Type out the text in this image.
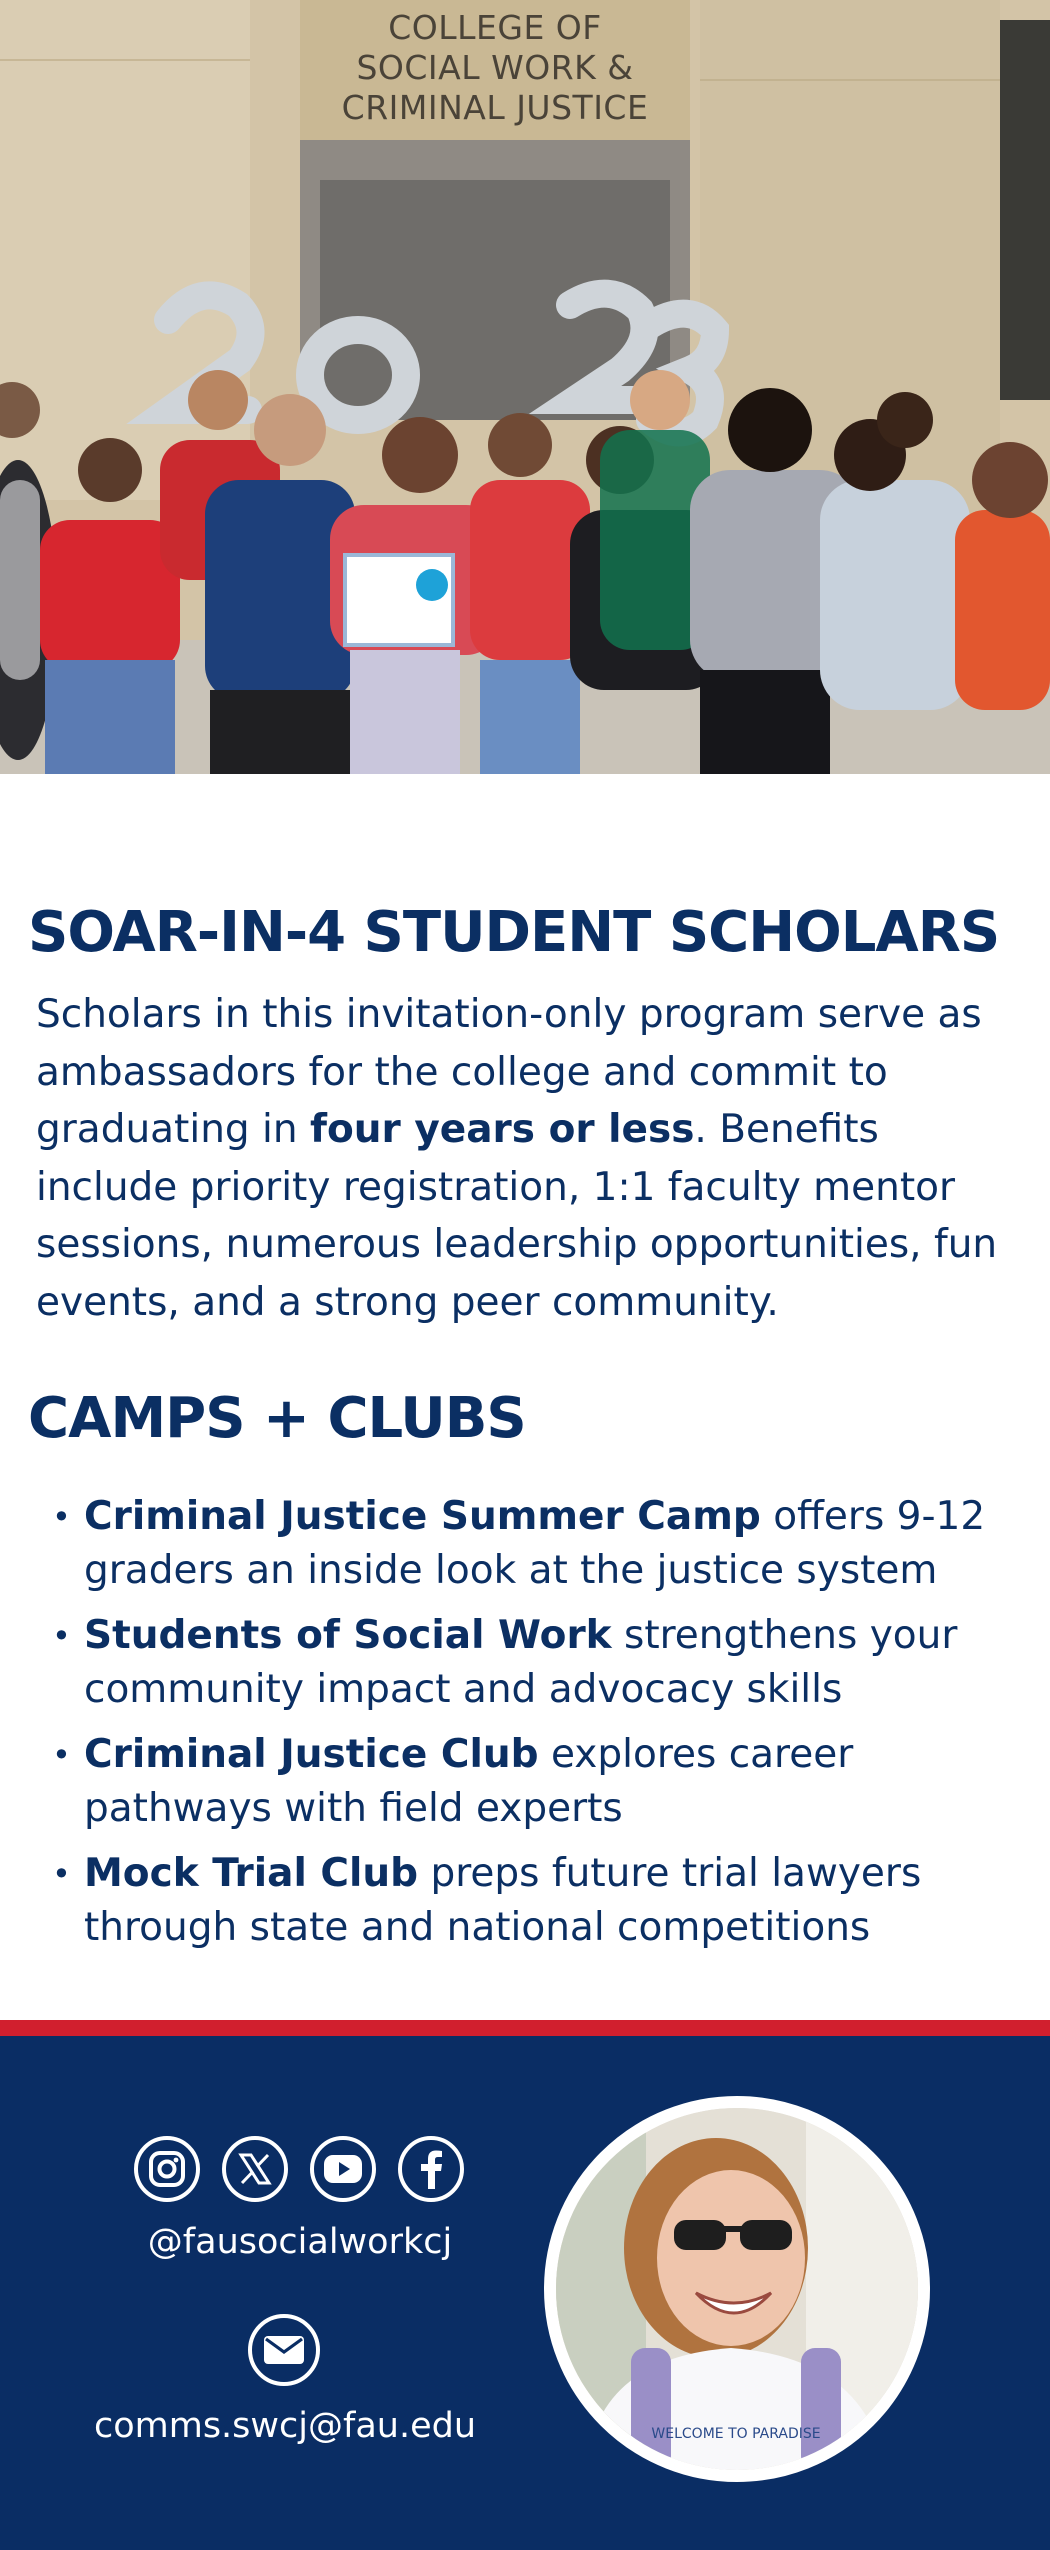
COLLEGE OF
SOCIAL WORK &
CRIMINAL JUSTICE
SOAR-IN-4 STUDENT SCHOLARS

Scholars in this invitation-only program serve as ambassadors for the college and commit to graduating in four years or less. Benefits include priority registration, 1:1 faculty mentor sessions, numerous leadership opportunities, fun events, and a strong peer community.

CAMPS + CLUBS
• Criminal Justice Summer Camp offers 9-12 graders an inside look at the justice system
• Students of Social Work strengthens your community impact and advocacy skills
• Criminal Justice Club explores career pathways with field experts
• Mock Trial Club preps future trial lawyers through state and national competitions
@fausocialworkcj
comms.swcj@fau.edu	WELCOME TO PARADISE
